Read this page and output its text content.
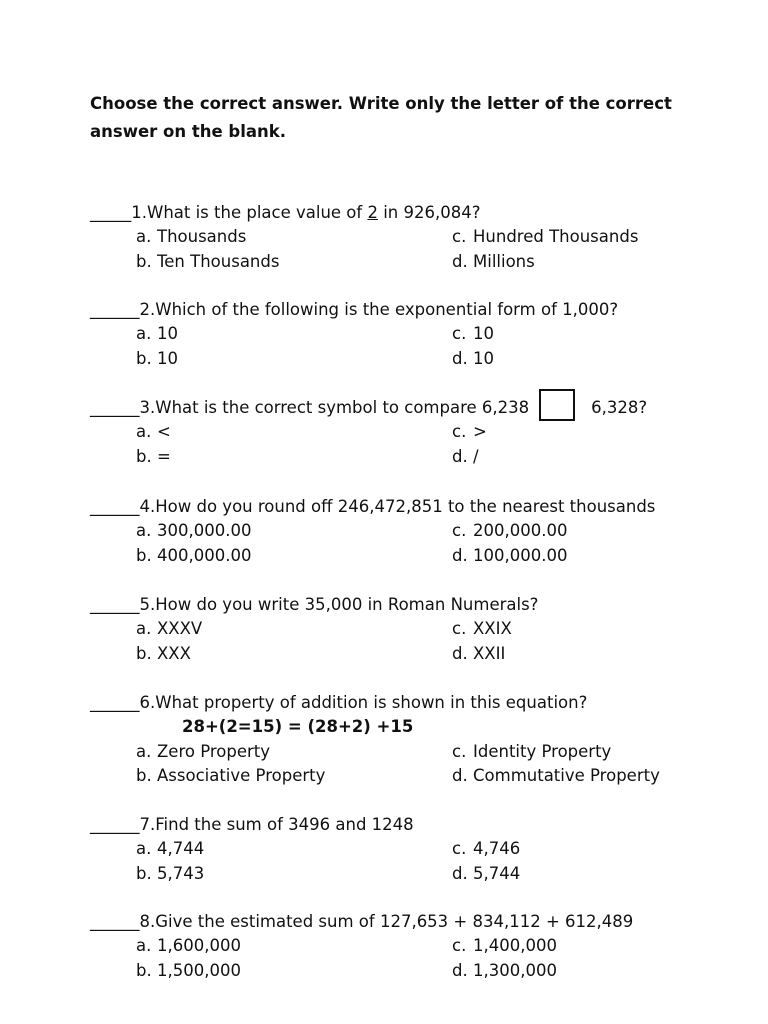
Choose the correct answer. Write only the letter of the correct answer on the blank.
_____1.What is the place value of 2 in 926,084?
a. Thousands	c. Hundred Thousands
b. Ten Thousands	d. Millions
______2.Which of the following is the exponential form of 1,000?
a. 10	c. 10
b. 10	d. 10
______3.What is the correct symbol to compare 6,238	6,328?
a. <	c. >
b. =	d. /
______4.How do you round off 246,472,851 to the nearest thousands
a. 300,000.00	c. 200,000.00
b. 400,000.00	d. 100,000.00
______5.How do you write 35,000 in Roman Numerals?
a. XXXV	c. XXIX
b. XXX	d. XXII
______6.What property of addition is shown in this equation?
28+(2=15) = (28+2) +15
a. Zero Property	c. Identity Property
b. Associative Property	d. Commutative Property
______7.Find the sum of 3496 and 1248
a. 4,744	c. 4,746
b. 5,743	d. 5,744
______8.Give the estimated sum of 127,653 + 834,112 + 612,489
a. 1,600,000	c. 1,400,000
b. 1,500,000	d. 1,300,000
